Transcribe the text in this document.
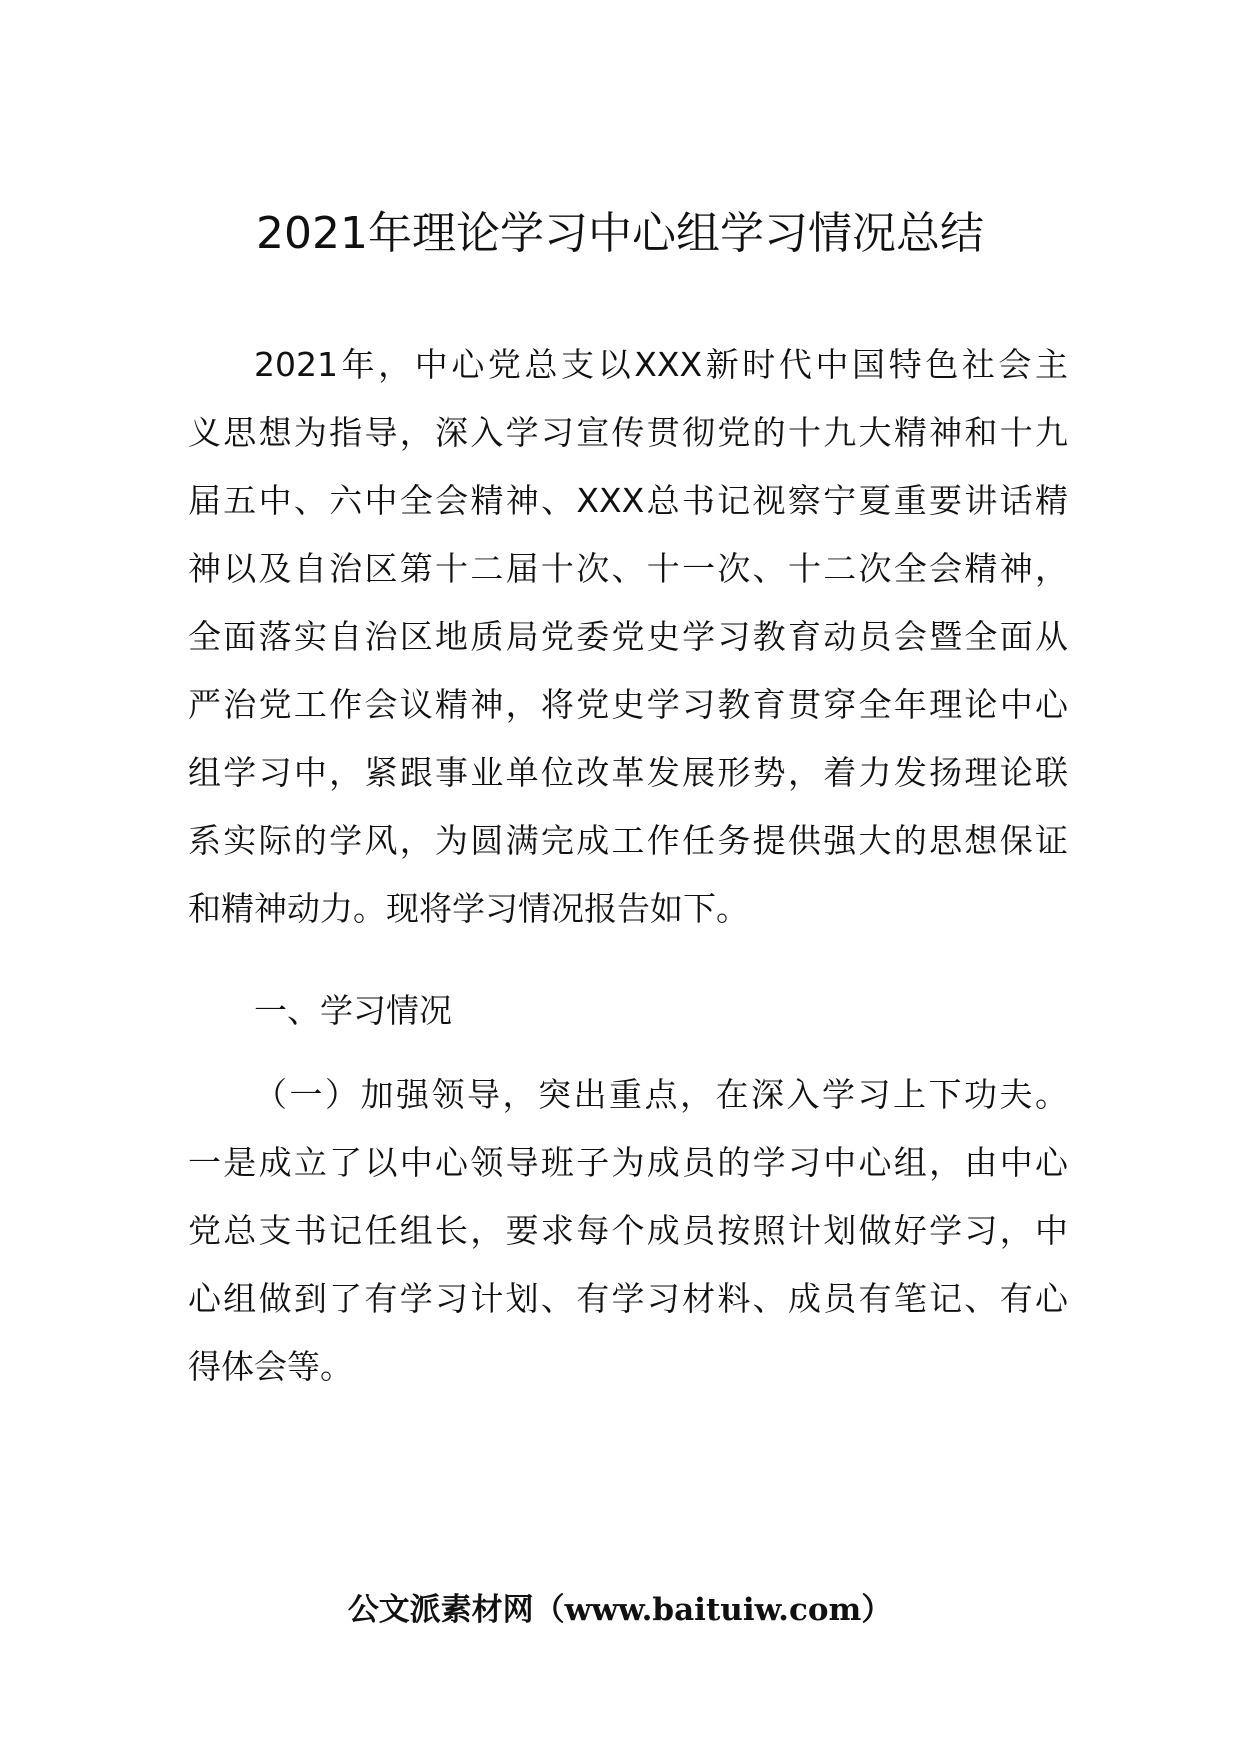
2021年理论学习中心组学习情况总结
2021年，中心党总支以XXX新时代中国特色社会主
义思想为指导，深入学习宣传贯彻党的十九大精神和十九
届五中、六中全会精神、XXX总书记视察宁夏重要讲话精
神以及自治区第十二届十次、十一次、十二次全会精神，
全面落实自治区地质局党委党史学习教育动员会暨全面从
严治党工作会议精神，将党史学习教育贯穿全年理论中心
组学习中，紧跟事业单位改革发展形势，着力发扬理论联
系实际的学风，为圆满完成工作任务提供强大的思想保证
和精神动力。现将学习情况报告如下。
一、学习情况
（一）加强领导，突出重点，在深入学习上下功夫。
一是成立了以中心领导班子为成员的学习中心组，由中心
党总支书记任组长，要求每个成员按照计划做好学习，中
心组做到了有学习计划、有学习材料、成员有笔记、有心
得体会等。
公文派素材网（www.baituiw.com）
